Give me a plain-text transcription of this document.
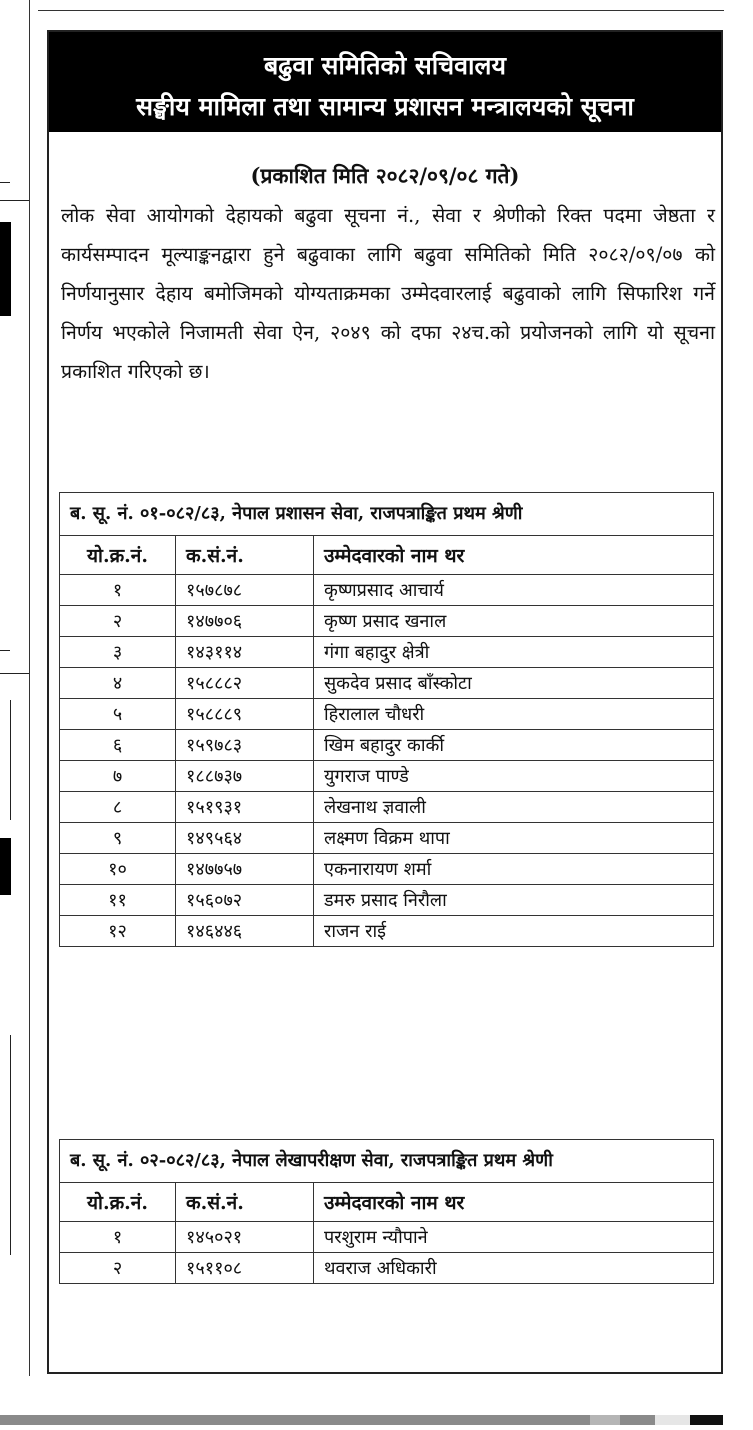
बढुवा समितिको सचिवालय
सङ्घीय मामिला तथा सामान्य प्रशासन मन्त्रालयको सूचना
(प्रकाशित मिति २०८२/०९/०८ गते)
लोक सेवा आयोगको देहायको बढुवा सूचना नं., सेवा र श्रेणीको रिक्त पदमा जेष्ठता र कार्यसम्पादन मूल्याङ्कनद्वारा हुने बढुवाका लागि बढुवा समितिको मिति २०८२/०९/०७ को निर्णयानुसार देहाय बमोजिमको योग्यताक्रमका उम्मेदवारलाई बढुवाको लागि सिफारिश गर्ने निर्णय भएकोले निजामती सेवा ऐन, २०४९ को दफा २४च.को प्रयोजनको लागि यो सूचना प्रकाशित गरिएको छ।
ब. सू. नं. ०१-०८२/८३, नेपाल प्रशासन सेवा, राजपत्राङ्कित प्रथम श्रेणी		
यो.क्र.नं.	क.सं.नं.	उम्मेदवारको नाम थर
१	१५७८७८	कृष्णप्रसाद आचार्य
२	१४७७०६	कृष्ण प्रसाद खनाल
३	१४३११४	गंगा बहादुर क्षेत्री
४	१५८८८२	सुकदेव प्रसाद बाँस्कोटा
५	१५८८८९	हिरालाल चौधरी
६	१५९७८३	खिम बहादुर कार्की
७	१८८७३७	युगराज पाण्डे
८	१५१९३१	लेखनाथ ज्ञवाली
९	१४९५६४	लक्ष्मण विक्रम थापा
१०	१४७७५७	एकनारायण शर्मा
११	१५६०७२	डमरु प्रसाद निरौला
१२	१४६४४६	राजन राई
ब. सू. नं. ०२-०८२/८३, नेपाल लेखापरीक्षण सेवा, राजपत्राङ्कित प्रथम श्रेणी		
यो.क्र.नं.	क.सं.नं.	उम्मेदवारको नाम थर
१	१४५०२१	परशुराम न्यौपाने
२	१५११०८	थवराज अधिकारी
